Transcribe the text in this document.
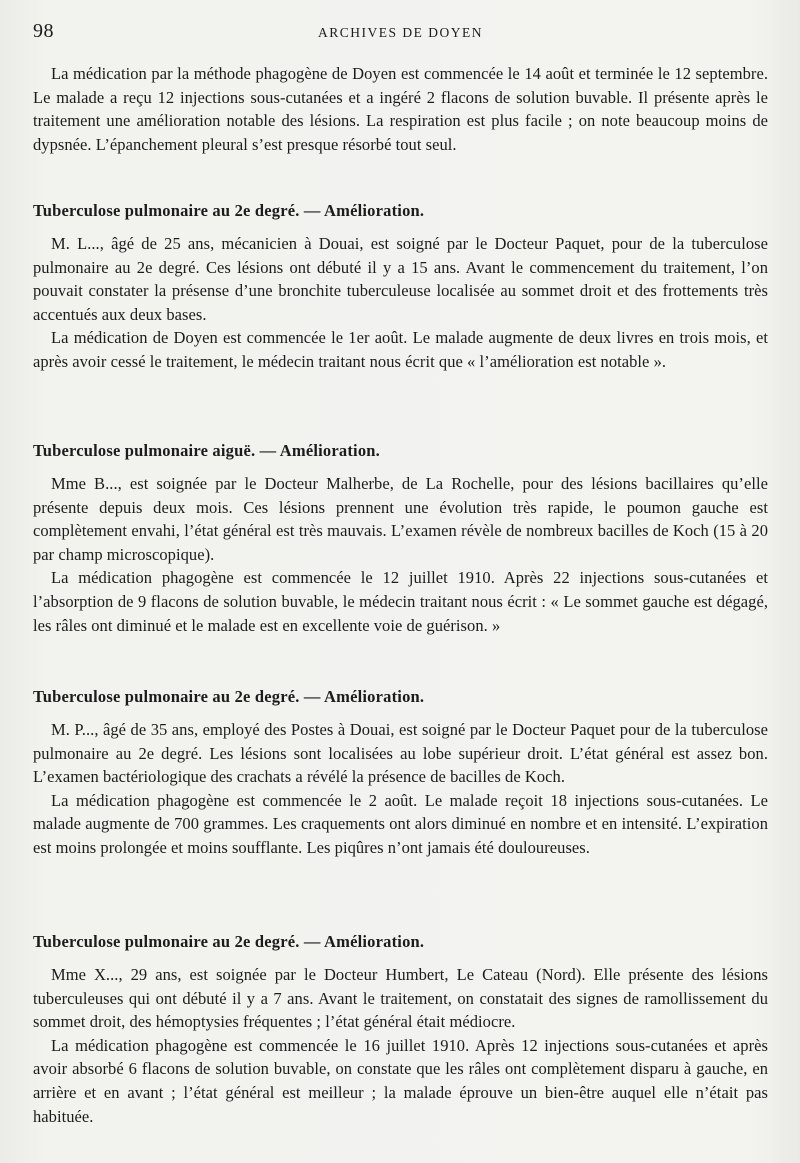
98	ARCHIVES DE DOYEN

La médication par la méthode phagogène de Doyen est commencée le 14 août et terminée le 12 septembre. Le malade a reçu 12 injections sous-cutanées et a ingéré 2 flacons de solution buvable. Il présente après le traitement une amélioration notable des lésions. La respiration est plus facile ; on note beaucoup moins de dypsnée. L’épanchement pleural s’est presque résorbé tout seul.

Tuberculose pulmonaire au 2e degré. — Amélioration.

M. L..., âgé de 25 ans, mécanicien à Douai, est soigné par le Docteur Paquet, pour de la tuberculose pulmonaire au 2e degré. Ces lésions ont débuté il y a 15 ans. Avant le commencement du traitement, l’on pouvait constater la présense d’une bronchite tuberculeuse localisée au sommet droit et des frottements très accentués aux deux bases.

La médication de Doyen est commencée le 1er août. Le malade augmente de deux livres en trois mois, et après avoir cessé le traitement, le médecin traitant nous écrit que « l’amélioration est notable ».

Tuberculose pulmonaire aiguë. — Amélioration.

Mme B..., est soignée par le Docteur Malherbe, de La Rochelle, pour des lésions bacillaires qu’elle présente depuis deux mois. Ces lésions prennent une évolution très rapide, le poumon gauche est complètement envahi, l’état général est très mauvais. L’examen révèle de nombreux bacilles de Koch (15 à 20 par champ microscopique).

La médication phagogène est commencée le 12 juillet 1910. Après 22 injections sous-cutanées et l’absorption de 9 flacons de solution buvable, le médecin traitant nous écrit : « Le sommet gauche est dégagé, les râles ont diminué et le malade est en excellente voie de guérison. »

Tuberculose pulmonaire au 2e degré. — Amélioration.

M. P..., âgé de 35 ans, employé des Postes à Douai, est soigné par le Docteur Paquet pour de la tuberculose pulmonaire au 2e degré. Les lésions sont localisées au lobe supérieur droit. L’état général est assez bon. L’examen bactériologique des crachats a révélé la présence de bacilles de Koch.

La médication phagogène est commencée le 2 août. Le malade reçoit 18 injections sous-cutanées. Le malade augmente de 700 grammes. Les craquements ont alors diminué en nombre et en intensité. L’expiration est moins prolongée et moins soufflante. Les piqûres n’ont jamais été douloureuses.

Tuberculose pulmonaire au 2e degré. — Amélioration.

Mme X..., 29 ans, est soignée par le Docteur Humbert, Le Cateau (Nord). Elle présente des lésions tuberculeuses qui ont débuté il y a 7 ans. Avant le traitement, on constatait des signes de ramollissement du sommet droit, des hémoptysies fréquentes ; l’état général était médiocre.

La médication phagogène est commencée le 16 juillet 1910. Après 12 injections sous-cutanées et après avoir absorbé 6 flacons de solution buvable, on constate que les râles ont complètement disparu à gauche, en arrière et en avant ; l’état général est meilleur ; la malade éprouve un bien-être auquel elle n’était pas habituée.
